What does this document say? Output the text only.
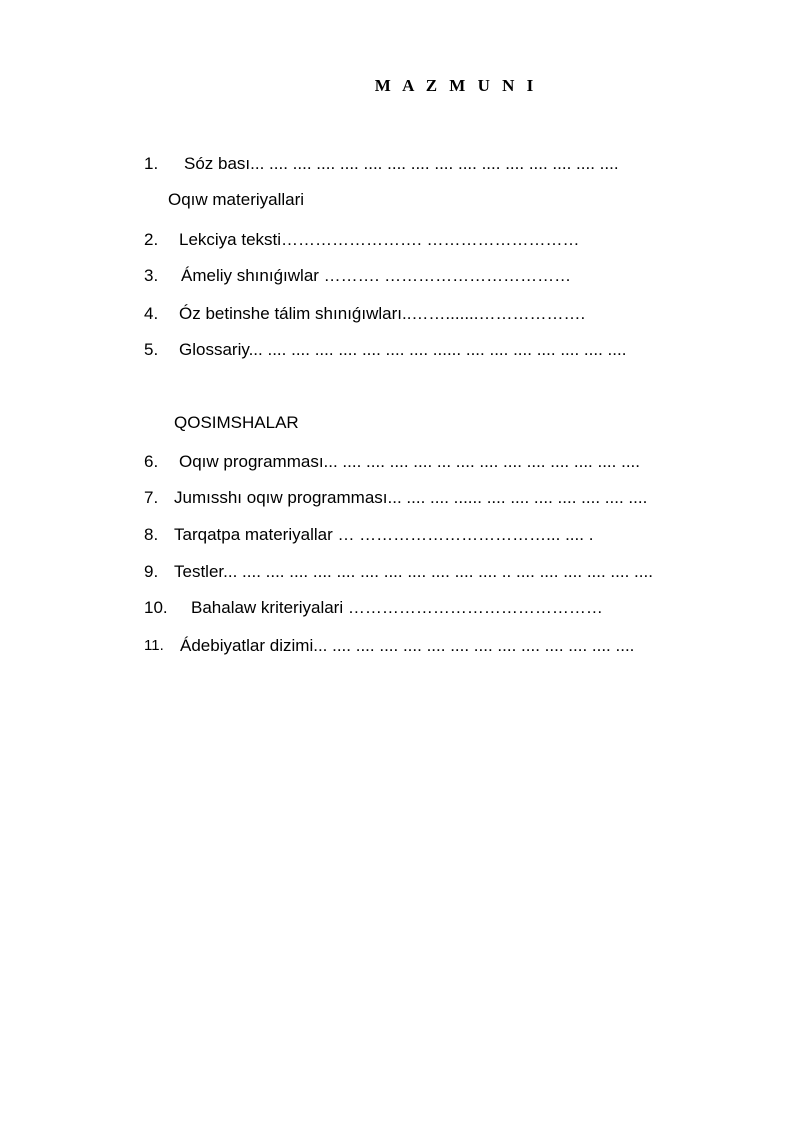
M A Z M U N I
1. Sóz bası... .... .... .... .... .... .... .... .... .... .... .... .... .... .... ....
Oqıw materiyallari
2. Lekciya teksti……………………. ………………………
3. Ámeliy shınıǵıwlar ………. ……………………………
4. Óz betinshe tálim shınıǵıwları..…….......……………….
5. Glossariy... .... .... .... .... .... .... .... ...... .... .... .... .... .... .... ....
QOSIMSHALAR
6. Oqıw programması... .... .... .... .... ... .... .... .... .... .... .... .... ....
7. Jumısshı oqıw programması... .... .... ...... .... .... .... .... .... .... ....
8. Tarqatpa materiyallar … ……………………………... .... .
9. Testler... .... .... .... .... .... .... .... .... .... .... .... .. .... .... .... .... .... ....
10. Bahalaw kriteriyalari ………………………………………
11. Ádebiyatlar dizimi... .... .... .... .... .... .... .... .... .... .... .... .... ....
